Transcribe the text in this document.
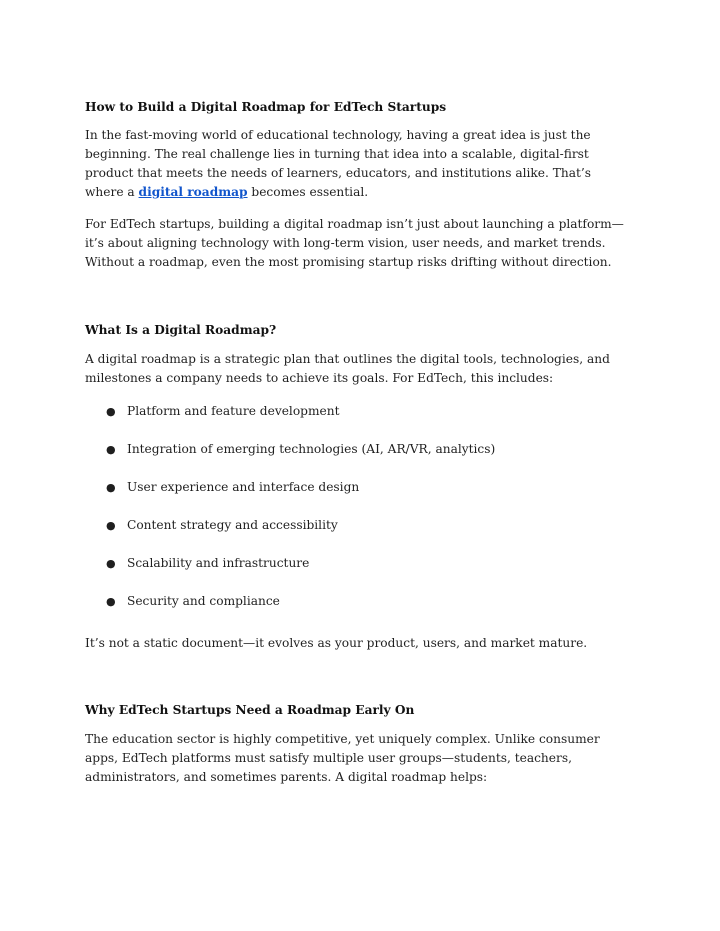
How to Build a Digital Roadmap for EdTech Startups

In the fast-moving world of educational technology, having a great idea is just the beginning. The real challenge lies in turning that idea into a scalable, digital-first product that meets the needs of learners, educators, and institutions alike. That’s where a digital roadmap becomes essential.

For EdTech startups, building a digital roadmap isn’t just about launching a platform—it’s about aligning technology with long-term vision, user needs, and market trends. Without a roadmap, even the most promising startup risks drifting without direction.

What Is a Digital Roadmap?

A digital roadmap is a strategic plan that outlines the digital tools, technologies, and milestones a company needs to achieve its goals. For EdTech, this includes:

● Platform and feature development
● Integration of emerging technologies (AI, AR/VR, analytics)
● User experience and interface design
● Content strategy and accessibility
● Scalability and infrastructure
● Security and compliance

It’s not a static document—it evolves as your product, users, and market mature.

Why EdTech Startups Need a Roadmap Early On

The education sector is highly competitive, yet uniquely complex. Unlike consumer apps, EdTech platforms must satisfy multiple user groups—students, teachers, administrators, and sometimes parents. A digital roadmap helps:
